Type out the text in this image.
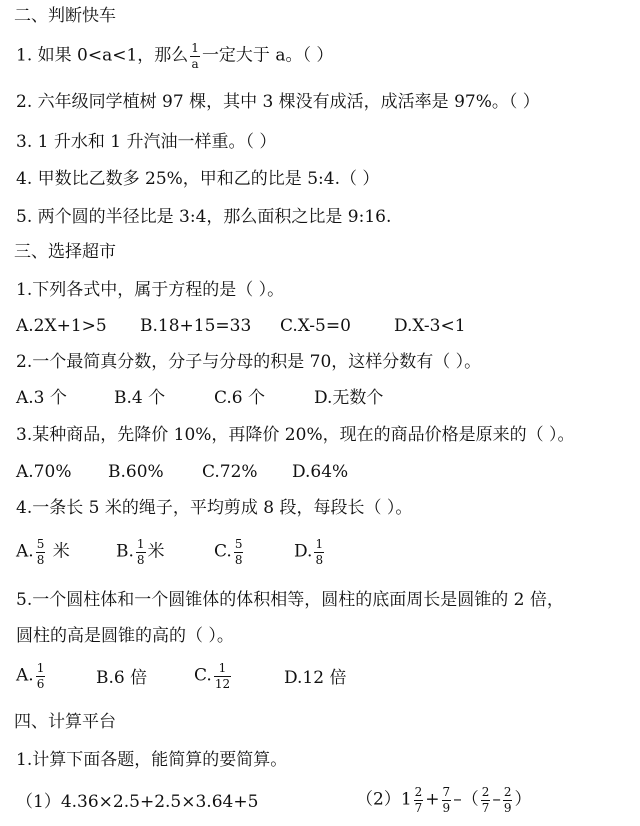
二、判断快车
1. 如果 0<a<1，那么 $\frac{1}{a}$ 一定大于 a。（ ）
2. 六年级同学植树 97 棵，其中 3 棵没有成活，成活率是 97%。（ ）
3. 1 升水和 1 升汽油一样重。（ ）
4. 甲数比乙数多 25%，甲和乙的比是 5:4.（ ）
5. 两个圆的半径比是 3:4，那么面积之比是 9:16.
三、选择超市
1.下列各式中，属于方程的是（ ）。
A.2X+1>5 B.18+15=33 C.X-5=0	D.X-3<1
2.一个最简真分数，分子与分母的积是 70，这样分数有（ ）。
A.3 个	B.4 个	C.6 个	D.无数个
3.某种商品，先降价 10%，再降价 20%，现在的商品价格是原来的（ ）。
A.70% B.60% C.72% D.64%
4.一条长 5 米的绳子，平均剪成 8 段，每段长（ ）。
A. $\frac{5}{8}$ 米	B. $\frac{1}{8}$ 米	C. $\frac{5}{8}$	D. $\frac{1}{8}$
5.一个圆柱体和一个圆锥体的体积相等，圆柱的底面周长是圆锥的 2 倍，
圆柱的高是圆锥的高的（ ）。
A. $\frac{1}{6}$	B.6 倍	C. $\frac{1}{12}$	D.12 倍
四、计算平台
1.计算下面各题，能简算的要简算。
（1）4.36×2.5+2.5×3.64+5	$(2)1 \frac{2}{7} + \frac{7}{9}$ –（ $\frac{2}{7} - \frac{2}{9}$ ）
